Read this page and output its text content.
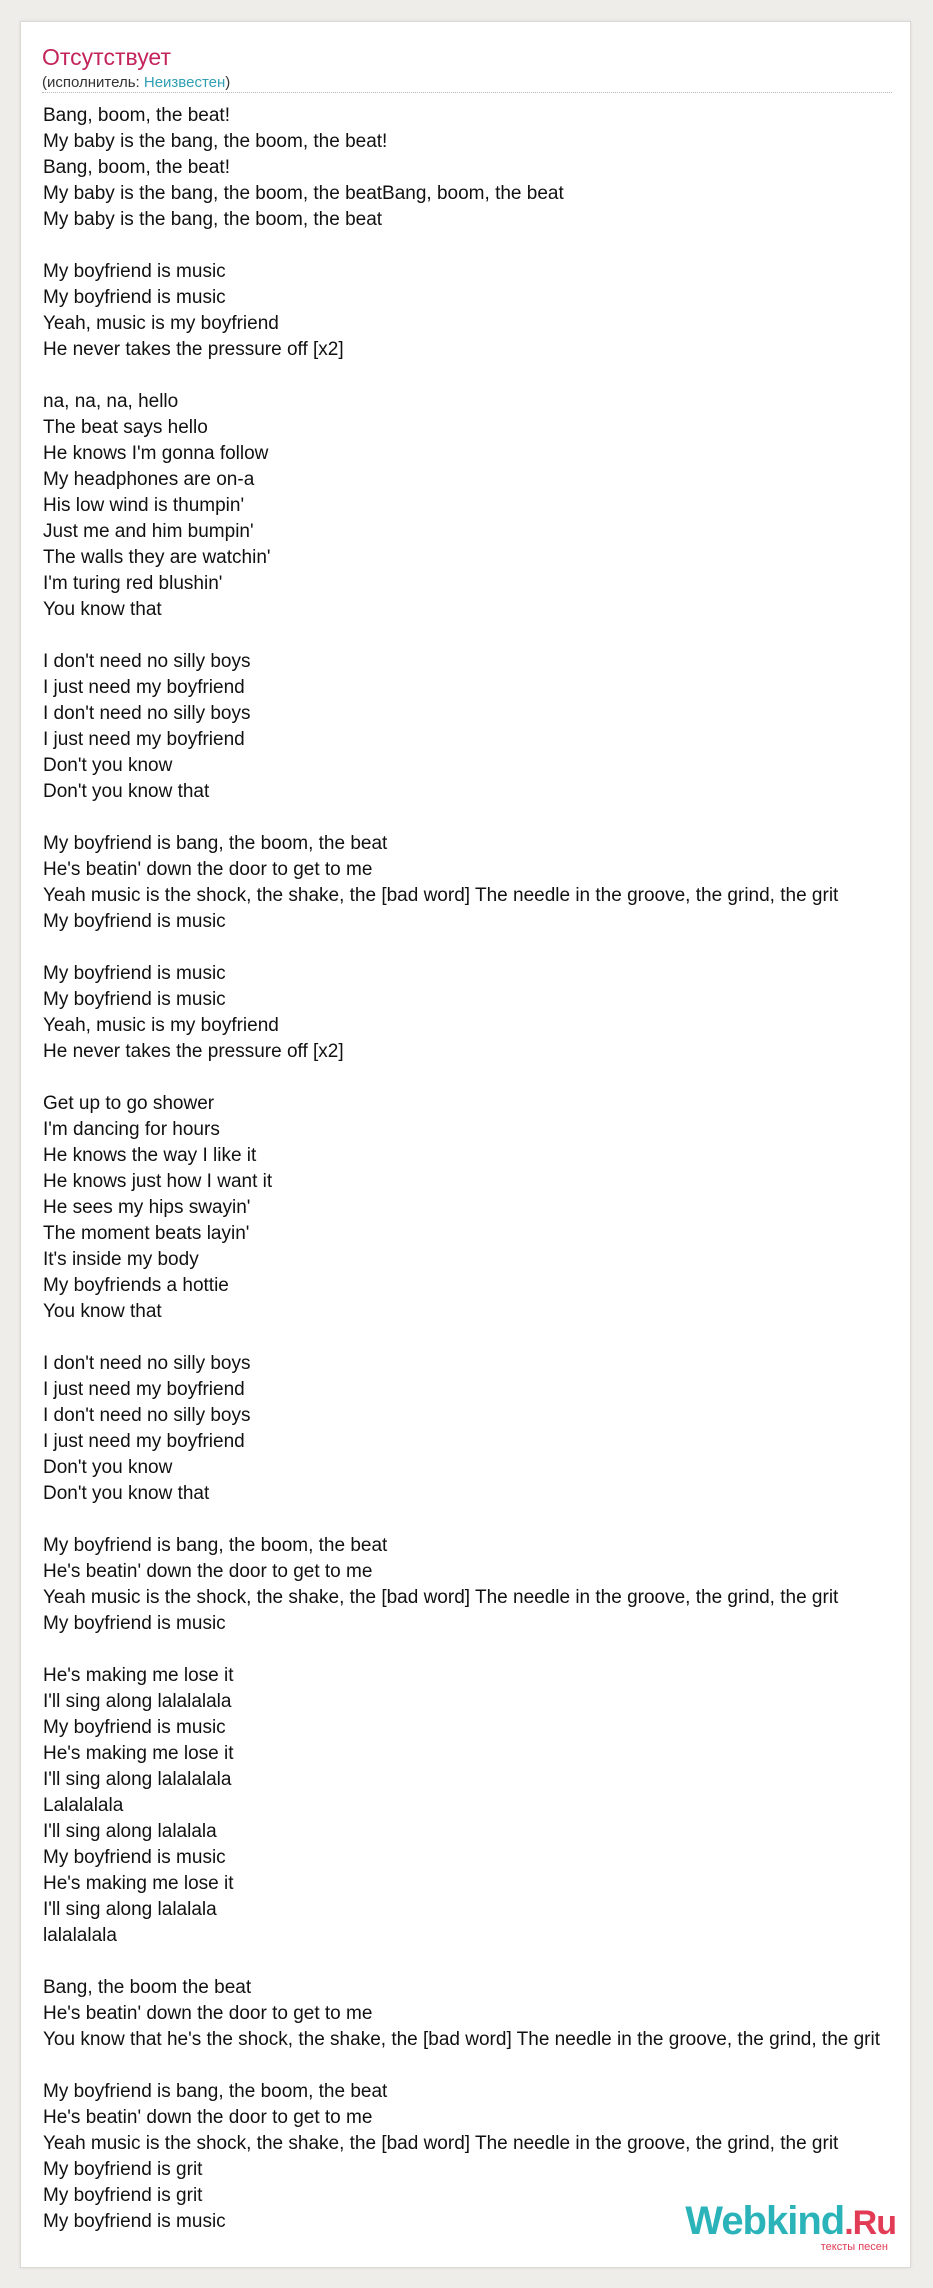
Отсутствует
(исполнитель: Неизвестен)
Bang, boom, the beat!
My baby is the bang, the boom, the beat!
Bang, boom, the beat!
My baby is the bang, the boom, the beatBang, boom, the beat
My baby is the bang, the boom, the beat
My boyfriend is music
My boyfriend is music
Yeah, music is my boyfriend
He never takes the pressure off [x2]
na, na, na, hello
The beat says hello
He knows I'm gonna follow
My headphones are on-a
His low wind is thumpin'
Just me and him bumpin'
The walls they are watchin'
I'm turing red blushin'
You know that
I don't need no silly boys
I just need my boyfriend
I don't need no silly boys
I just need my boyfriend
Don't you know
Don't you know that
My boyfriend is bang, the boom, the beat
He's beatin' down the door to get to me
Yeah music is the shock, the shake, the [bad word] The needle in the groove, the grind, the grit
My boyfriend is music
My boyfriend is music
My boyfriend is music
Yeah, music is my boyfriend
He never takes the pressure off [x2]
Get up to go shower
I'm dancing for hours
He knows the way I like it
He knows just how I want it
He sees my hips swayin'
The moment beats layin'
It's inside my body
My boyfriends a hottie
You know that
I don't need no silly boys
I just need my boyfriend
I don't need no silly boys
I just need my boyfriend
Don't you know
Don't you know that
My boyfriend is bang, the boom, the beat
He's beatin' down the door to get to me
Yeah music is the shock, the shake, the [bad word] The needle in the groove, the grind, the grit
My boyfriend is music
He's making me lose it
I'll sing along lalalalala
My boyfriend is music
He's making me lose it
I'll sing along lalalalala
Lalalalala
I'll sing along lalalala
My boyfriend is music
He's making me lose it
I'll sing along lalalala
lalalalala
Bang, the boom the beat
He's beatin' down the door to get to me
You know that he's the shock, the shake, the [bad word] The needle in the groove, the grind, the grit
My boyfriend is bang, the boom, the beat
He's beatin' down the door to get to me
Yeah music is the shock, the shake, the [bad word] The needle in the groove, the grind, the grit
My boyfriend is grit
My boyfriend is grit
My boyfriend is music	Webkind.Ru
тексты песен
